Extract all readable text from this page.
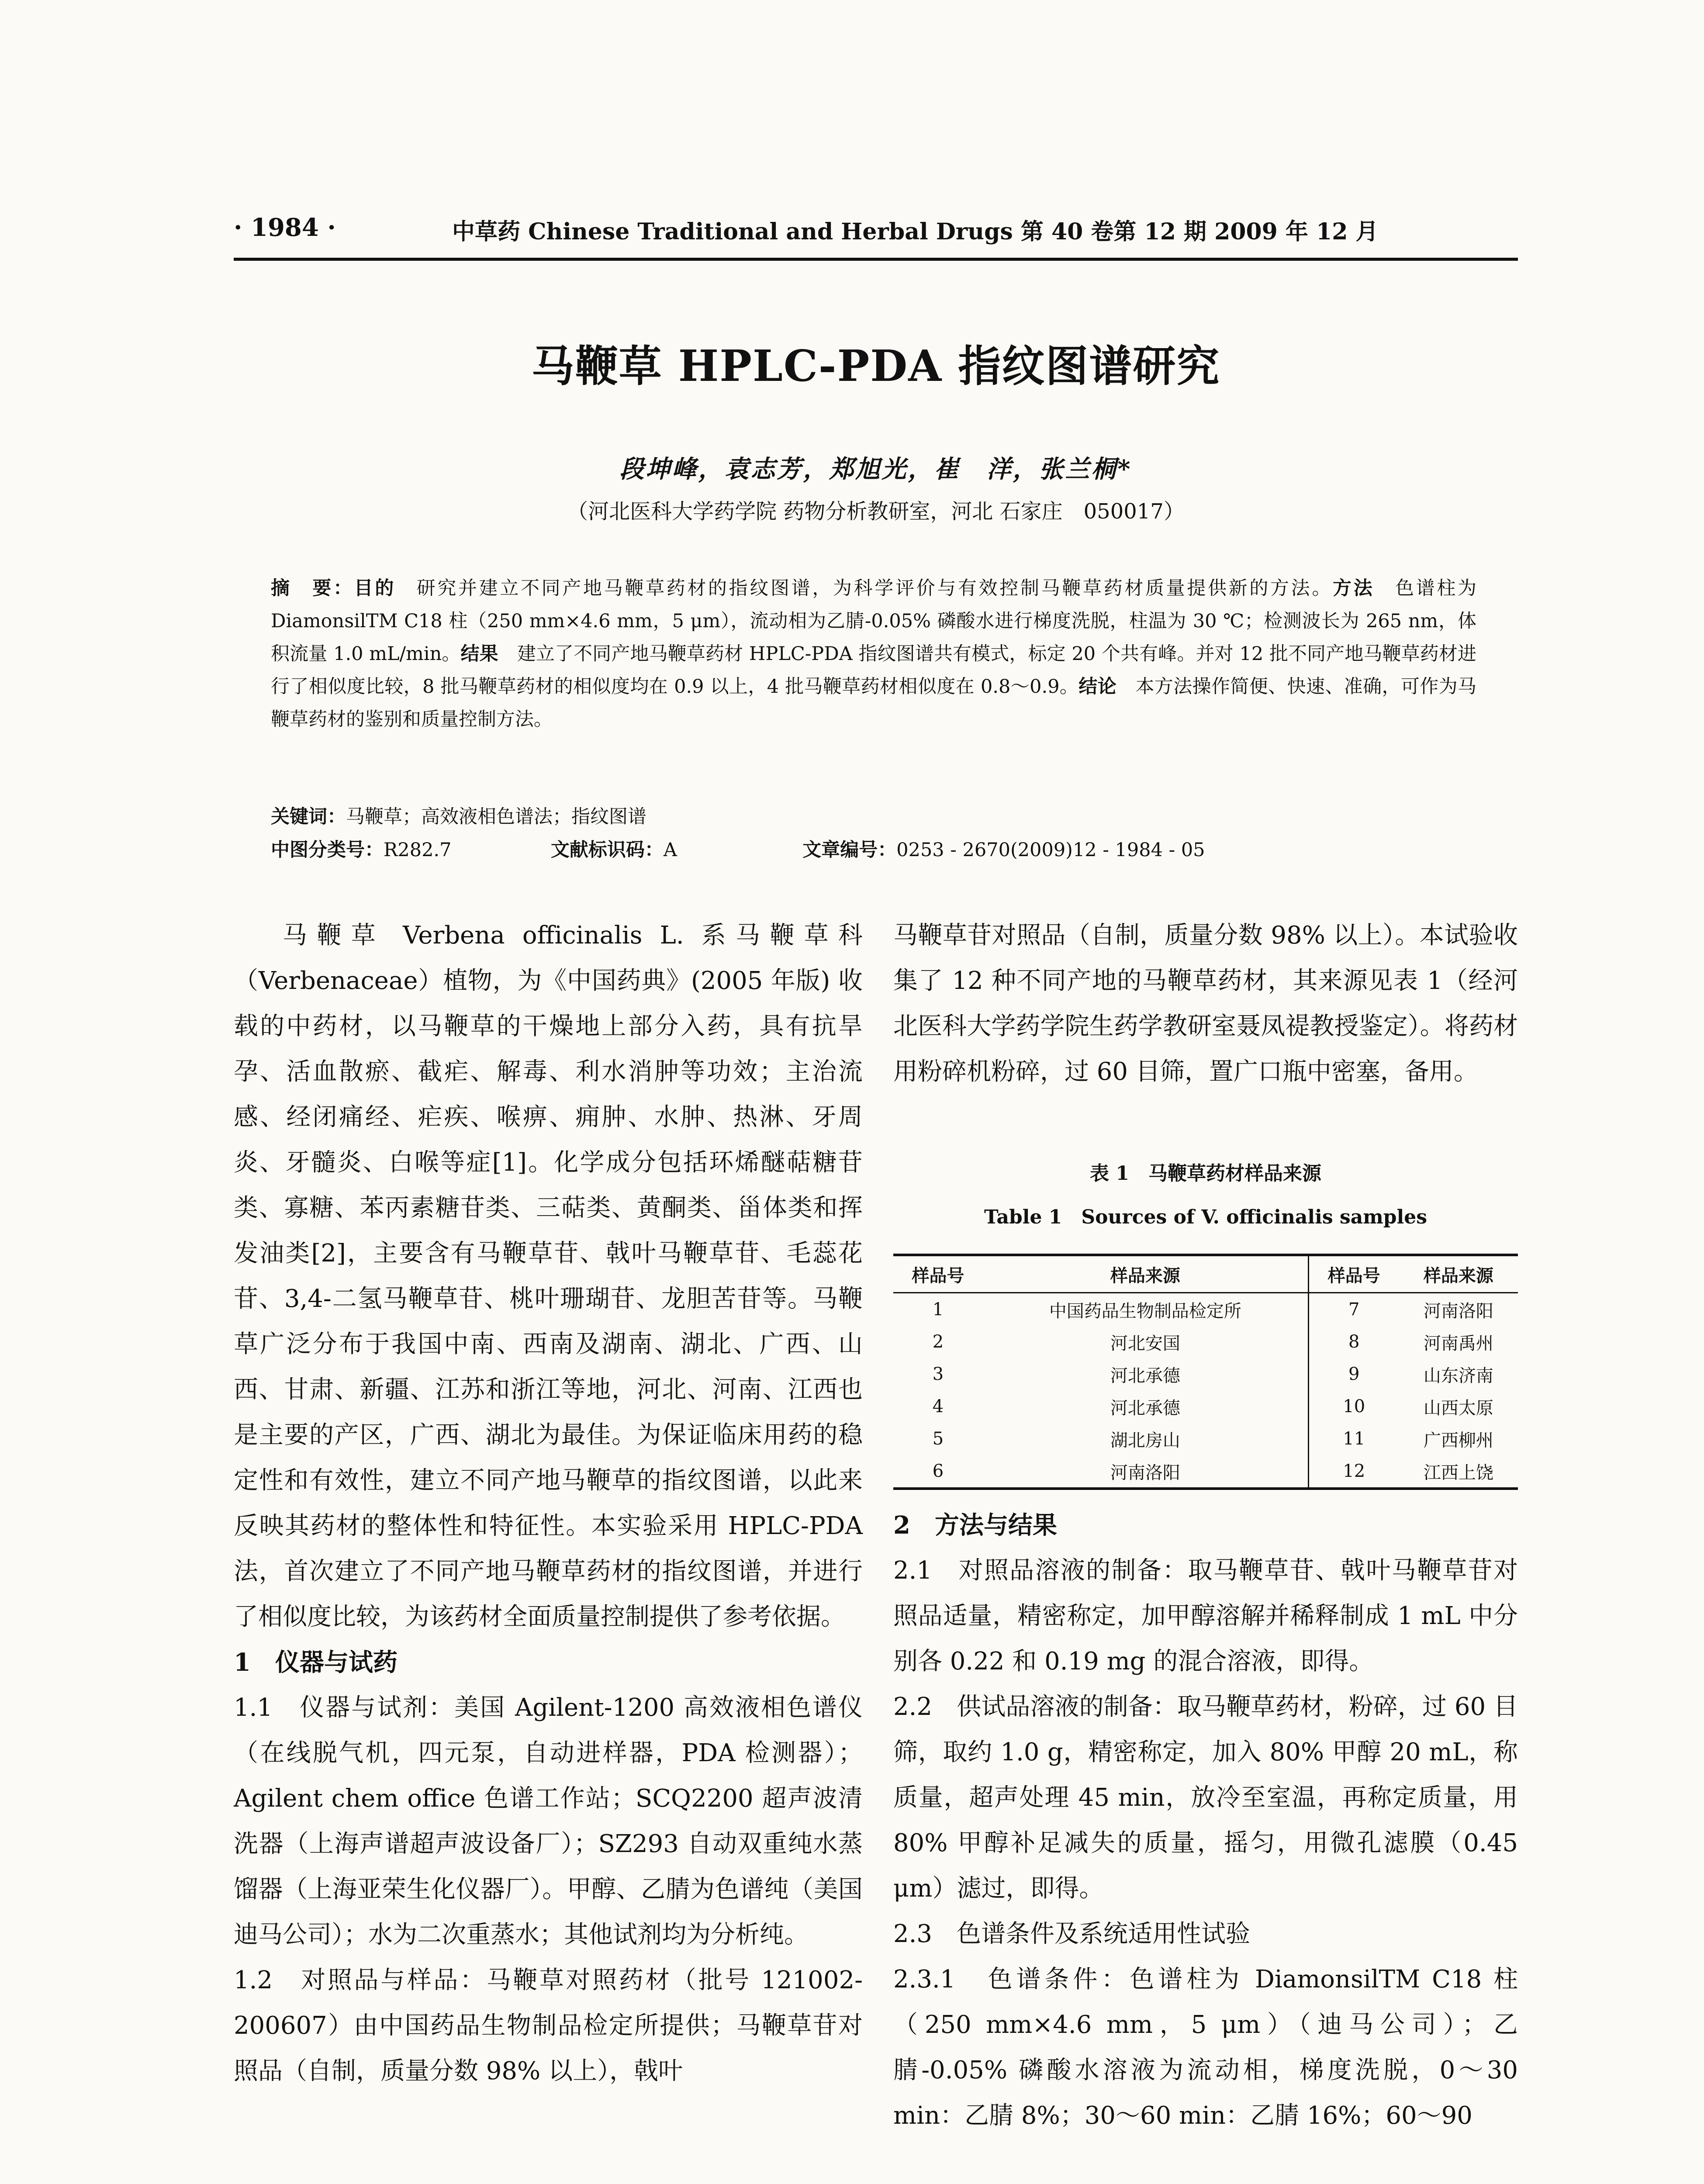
· 1984 ·	中草药 Chinese Traditional and Herbal Drugs 第 40 卷第 12 期 2009 年 12 月
马鞭草 HPLC-PDA 指纹图谱研究
段坤峰，袁志芳，郑旭光，崔　洋，张兰桐*
（河北医科大学药学院 药物分析教研室，河北 石家庄　050017）
摘　要：目的　 研究并建立不同产地马鞭草药材的指纹图谱，为科学评价与有效控制马鞭草药材质量提供新的方法。方法　 色谱柱为 DiamonsilTM C18 柱（250 mm×4.6 mm，5 μm），流动相为乙腈-0.05% 磷酸水进行梯度洗脱，柱温为 30 ℃；检测波长为 265 nm，体积流量 1.0 mL/min。结果　 建立了不同产地马鞭草药材 HPLC-PDA 指纹图谱共有模式，标定 20 个共有峰。并对 12 批不同产地马鞭草药材进行了相似度比较，8 批马鞭草药材的相似度均在 0.9 以上，4 批马鞭草药材相似度在 0.8～0.9。结论　 本方法操作简便、快速、准确，可作为马鞭草药材的鉴别和质量控制方法。
关键词：马鞭草；高效液相色谱法；指纹图谱
中图分类号：R282.7	文献标识码：A	文章编号：0253 - 2670(2009)12 - 1984 - 05

马鞭草 Verbena officinalis L. 系马鞭草科（Verbenaceae）植物，为《中国药典》(2005 年版) 收载的中药材，以马鞭草的干燥地上部分入药，具有抗旱孕、活血散瘀、截疟、解毒、利水消肿等功效；主治流感、经闭痛经、疟疾、喉痹、痈肿、水肿、热淋、牙周炎、牙髓炎、白喉等症[1]。化学成分包括环烯醚萜糖苷类、寡糖、苯丙素糖苷类、三萜类、黄酮类、甾体类和挥发油类[2]，主要含有马鞭草苷、戟叶马鞭草苷、毛蕊花苷、3,4-二氢马鞭草苷、桃叶珊瑚苷、龙胆苦苷等。马鞭草广泛分布于我国中南、西南及湖南、湖北、广西、山西、甘肃、新疆、江苏和浙江等地，河北、河南、江西也是主要的产区，广西、湖北为最佳。为保证临床用药的稳定性和有效性，建立不同产地马鞭草的指纹图谱，以此来反映其药材的整体性和特征性。本实验采用 HPLC-PDA 法，首次建立了不同产地马鞭草药材的指纹图谱，并进行了相似度比较，为该药材全面质量控制提供了参考依据。

1　仪器与试药

1.1　仪器与试剂：美国 Agilent-1200 高效液相色谱仪（在线脱气机，四元泵，自动进样器，PDA 检测器）；Agilent chem office 色谱工作站；SCQ2200 超声波清洗器（上海声谱超声波设备厂）；SZ293 自动双重纯水蒸馏器（上海亚荣生化仪器厂）。甲醇、乙腈为色谱纯（美国迪马公司）；水为二次重蒸水；其他试剂均为分析纯。

1.2　对照品与样品：马鞭草对照药材（批号 121002-200607）由中国药品生物制品检定所提供；马鞭草苷对照品（自制，质量分数 98% 以上），戟叶

马鞭草苷对照品（自制，质量分数 98% 以上）。本试验收集了 12 种不同产地的马鞭草药材，其来源见表 1（经河北医科大学药学院生药学教研室聂凤禔教授鉴定）。将药材用粉碎机粉碎，过 60 目筛，置广口瓶中密塞，备用。

表 1　马鞭草药材样品来源
Table 1　Sources of V. officinalis samples
样品号	样品来源	样品号	样品来源
1	中国药品生物制品检定所	7	河南洛阳
2	河北安国	8	河南禹州
3	河北承德	9	山东济南
4	河北承德	10	山西太原
5	湖北房山	11	广西柳州
6	河南洛阳	12	江西上饶
2　方法与结果

2.1　对照品溶液的制备：取马鞭草苷、戟叶马鞭草苷对照品适量，精密称定，加甲醇溶解并稀释制成 1 mL 中分别各 0.22 和 0.19 mg 的混合溶液，即得。

2.2　供试品溶液的制备：取马鞭草药材，粉碎，过 60 目筛，取约 1.0 g，精密称定，加入 80% 甲醇 20 mL，称质量，超声处理 45 min，放冷至室温，再称定质量，用 80% 甲醇补足减失的质量，摇匀，用微孔滤膜（0.45 μm）滤过，即得。

2.3　色谱条件及系统适用性试验

2.3.1　色谱条件：色谱柱为 DiamonsilTM C18 柱（250 mm×4.6 mm，5 μm）（迪马公司）；乙腈-0.05% 磷酸水溶液为流动相，梯度洗脱，0～30 min：乙腈 8%；30～60 min：乙腈 16%；60～90
